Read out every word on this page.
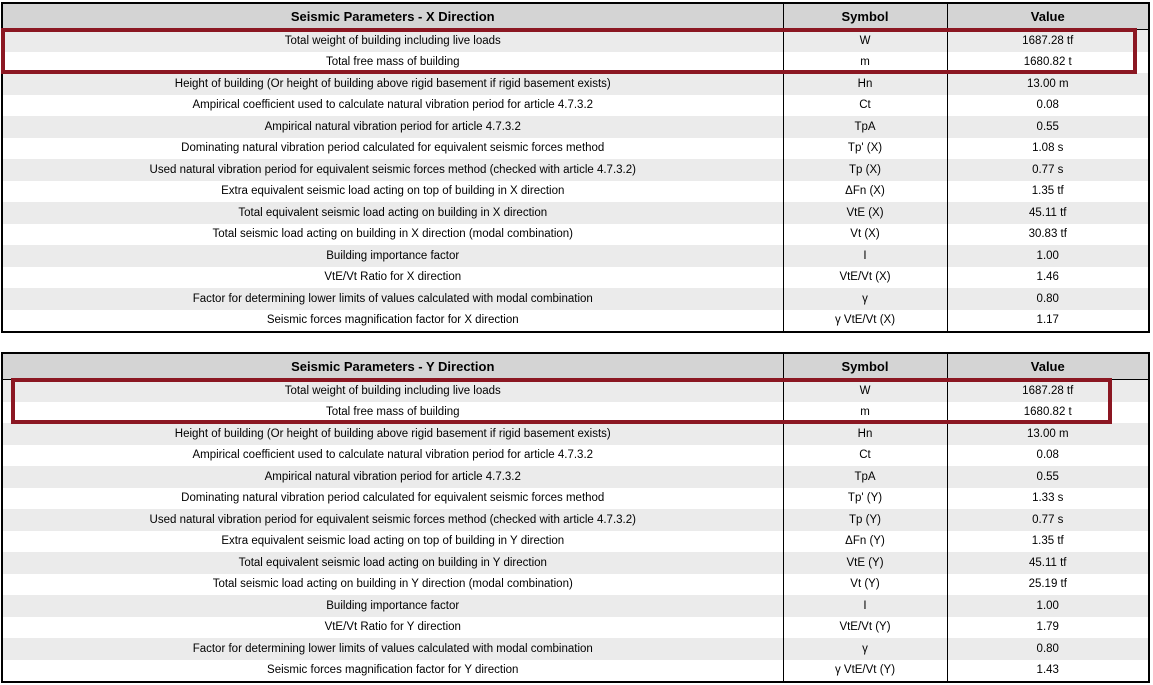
Seismic Parameters - X Direction	Symbol	Value
Total weight of building including live loads	W	1687.28 tf
Total free mass of building	m	1680.82 t
Height of building (Or height of building above rigid basement if rigid basement exists)	Hn	13.00 m
Ampirical coefficient used to calculate natural vibration period for article 4.7.3.2	Ct	0.08
Ampirical natural vibration period for article 4.7.3.2	TpA	0.55
Dominating natural vibration period calculated for equivalent seismic forces method	Tp' (X)	1.08 s
Used natural vibration period for equivalent seismic forces method (checked with article 4.7.3.2)	Tp (X)	0.77 s
Extra equivalent seismic load acting on top of building in X direction	ΔFn (X)	1.35 tf
Total equivalent seismic load acting on building in X direction	VtE (X)	45.11 tf
Total seismic load acting on building in X direction (modal combination)	Vt (X)	30.83 tf
Building importance factor	I	1.00
VtE/Vt Ratio for X direction	VtE/Vt (X)	1.46
Factor for determining lower limits of values calculated with modal combination	γ	0.80
Seismic forces magnification factor for X direction	γ VtE/Vt (X)	1.17
Seismic Parameters - Y Direction	Symbol	Value
Total weight of building including live loads	W	1687.28 tf
Total free mass of building	m	1680.82 t
Height of building (Or height of building above rigid basement if rigid basement exists)	Hn	13.00 m
Ampirical coefficient used to calculate natural vibration period for article 4.7.3.2	Ct	0.08
Ampirical natural vibration period for article 4.7.3.2	TpA	0.55
Dominating natural vibration period calculated for equivalent seismic forces method	Tp' (Y)	1.33 s
Used natural vibration period for equivalent seismic forces method (checked with article 4.7.3.2)	Tp (Y)	0.77 s
Extra equivalent seismic load acting on top of building in Y direction	ΔFn (Y)	1.35 tf
Total equivalent seismic load acting on building in Y direction	VtE (Y)	45.11 tf
Total seismic load acting on building in Y direction (modal combination)	Vt (Y)	25.19 tf
Building importance factor	I	1.00
VtE/Vt Ratio for Y direction	VtE/Vt (Y)	1.79
Factor for determining lower limits of values calculated with modal combination	γ	0.80
Seismic forces magnification factor for Y direction	γ VtE/Vt (Y)	1.43
